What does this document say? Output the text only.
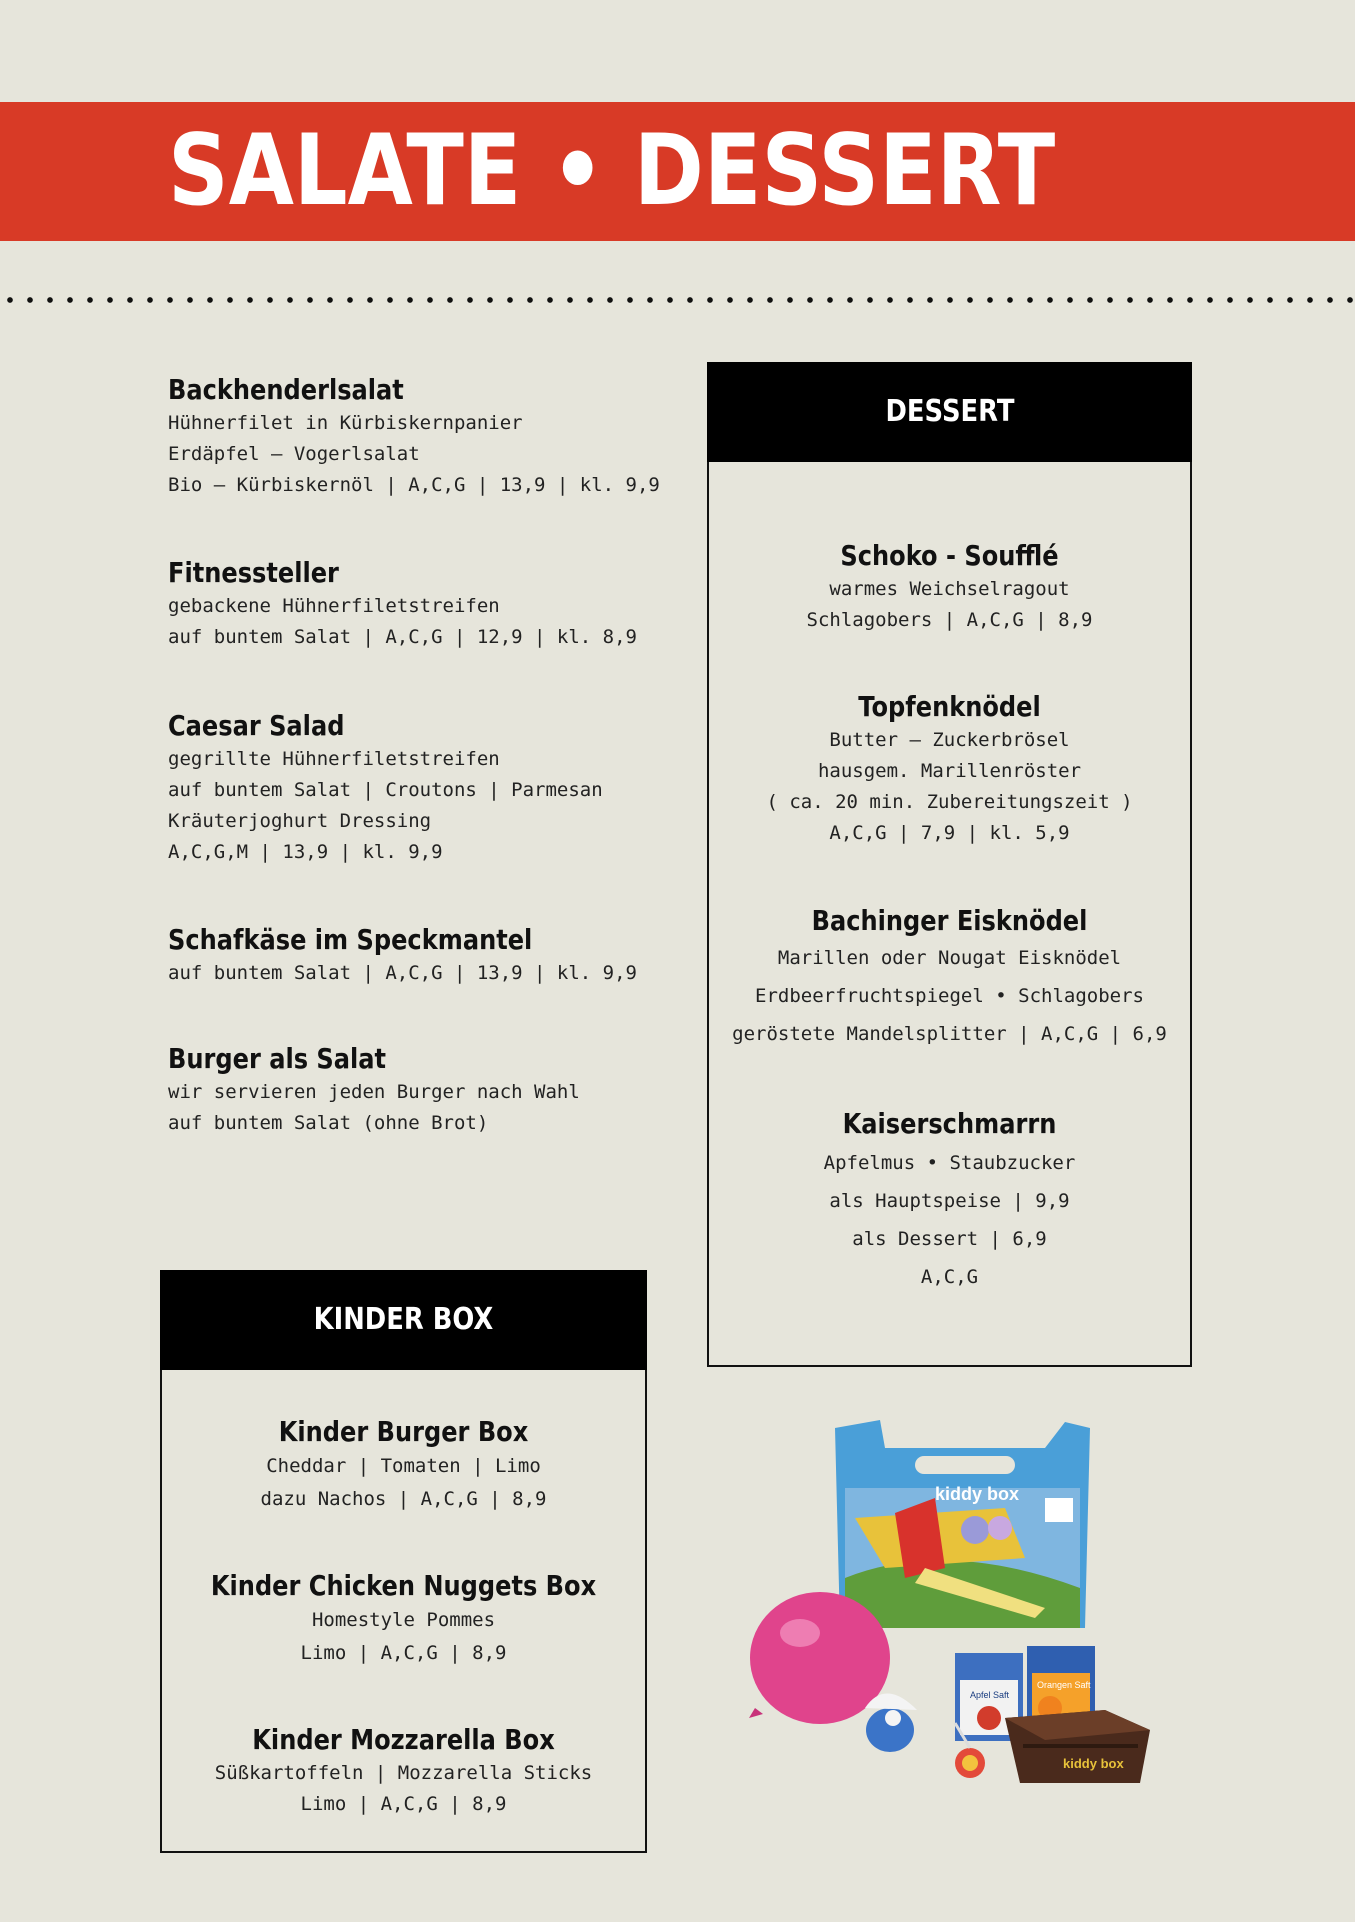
SALATE • DESSERT
Backhenderlsalat
Hühnerfilet in Kürbiskernpanier
Erdäpfel – Vogerlsalat
Bio – Kürbiskernöl | A,C,G | 13,9 | kl. 9,9
Fitnessteller
gebackene Hühnerfiletstreifen
auf buntem Salat | A,C,G | 12,9 | kl. 8,9
Caesar Salad
gegrillte Hühnerfiletstreifen
auf buntem Salat | Croutons | Parmesan
Kräuterjoghurt Dressing
A,C,G,M | 13,9 | kl. 9,9
Schafkäse im Speckmantel
auf buntem Salat | A,C,G | 13,9 | kl. 9,9
Burger als Salat
wir servieren jeden Burger nach Wahl
auf buntem Salat (ohne Brot)
DESSERT
Schoko - Soufflé
warmes Weichselragout
Schlagobers | A,C,G | 8,9
Topfenknödel
Butter – Zuckerbrösel
hausgem. Marillenröster
( ca. 20 min. Zubereitungszeit )
A,C,G | 7,9 | kl. 5,9
Bachinger Eisknödel
Marillen oder Nougat Eisknödel
Erdbeerfruchtspiegel • Schlagobers
geröstete Mandelsplitter | A,C,G | 6,9
Kaiserschmarrn
Apfelmus • Staubzucker
als Hauptspeise | 9,9
als Dessert | 6,9
A,C,G
KINDER BOX
Kinder Burger Box
Cheddar | Tomaten | Limo
dazu Nachos | A,C,G | 8,9
Kinder Chicken Nuggets Box
Homestyle Pommes
Limo | A,C,G | 8,9
Kinder Mozzarella Box
Süßkartoffeln | Mozzarella Sticks
Limo | A,C,G | 8,9
kiddy box
Apfel Saft
Orangen Saft
kiddy box
